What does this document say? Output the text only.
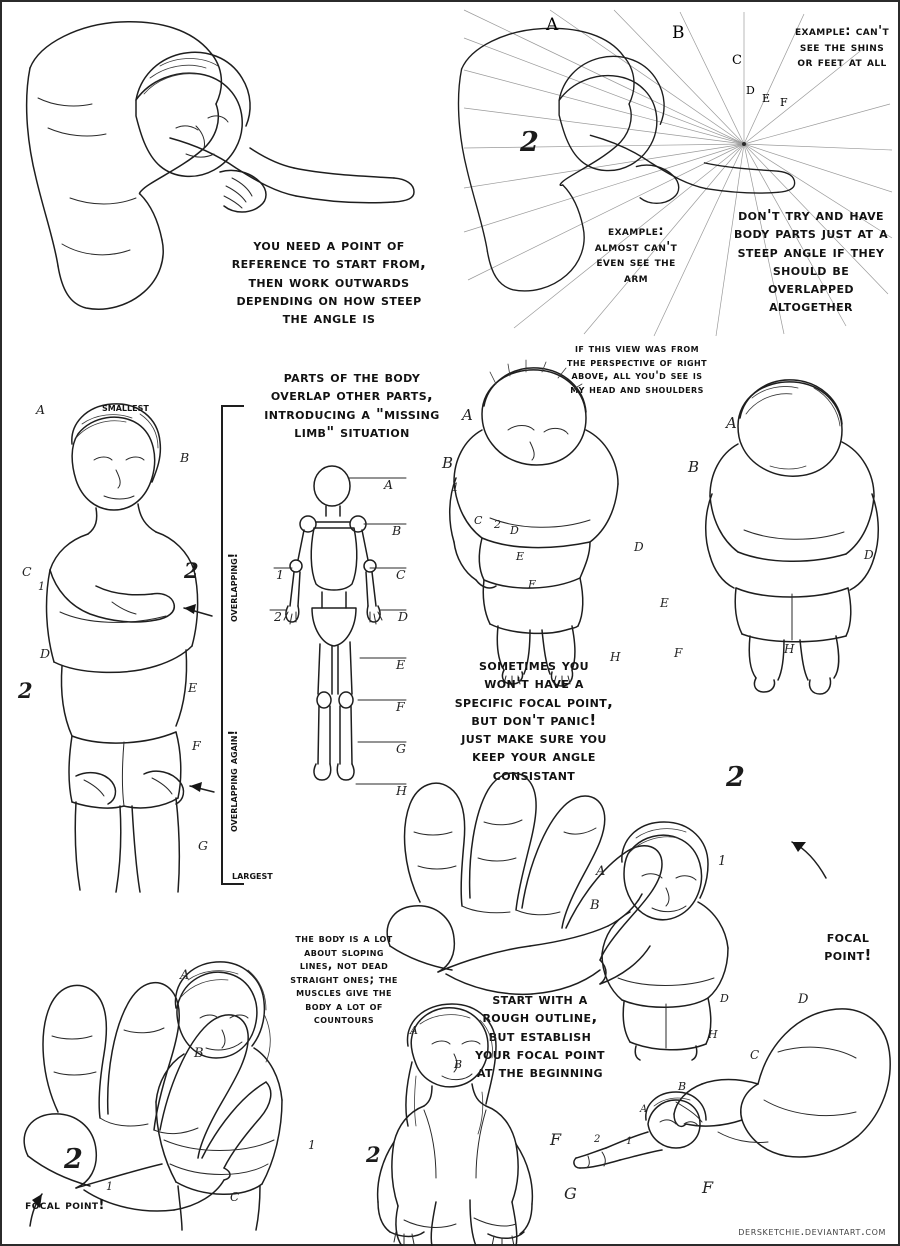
you need a point of reference to start from, then work outwards depending on how steep the angle is
A	B
C
D
E F
2
example: can't see the shins or feet at all
example: almost can't even see the arm
don't try and have body parts just at a steep angle if they should be overlapped altogether
parts of the body overlap other parts, introducing a "missing limb" situation
A
B
C
1
2
D
2	E
F
G
smallest
largest
overlapping!
overlapping again!
A
B
C
D
E
F
G
H
1
2
if this view was from the perspective of right above, all you'd see is my head and shoulders
A
B
1
C 2 D
E
F
D
E
F
H
A
B
D
H
sometimes you won't have a specific focal point, but don't panic! just make sure you keep your angle consistant	2
A
B
1
D
H
focal point!
the body is a lot about sloping lines, not dead straight ones; the muscles give the body a lot of countours
start with a rough outline, but establish your focal point at the beginning
2
focal point!
1
A
B
C
A
B
1 2
F
G
D
C
B
A
2	1
F
dersketchie.deviantart.com
